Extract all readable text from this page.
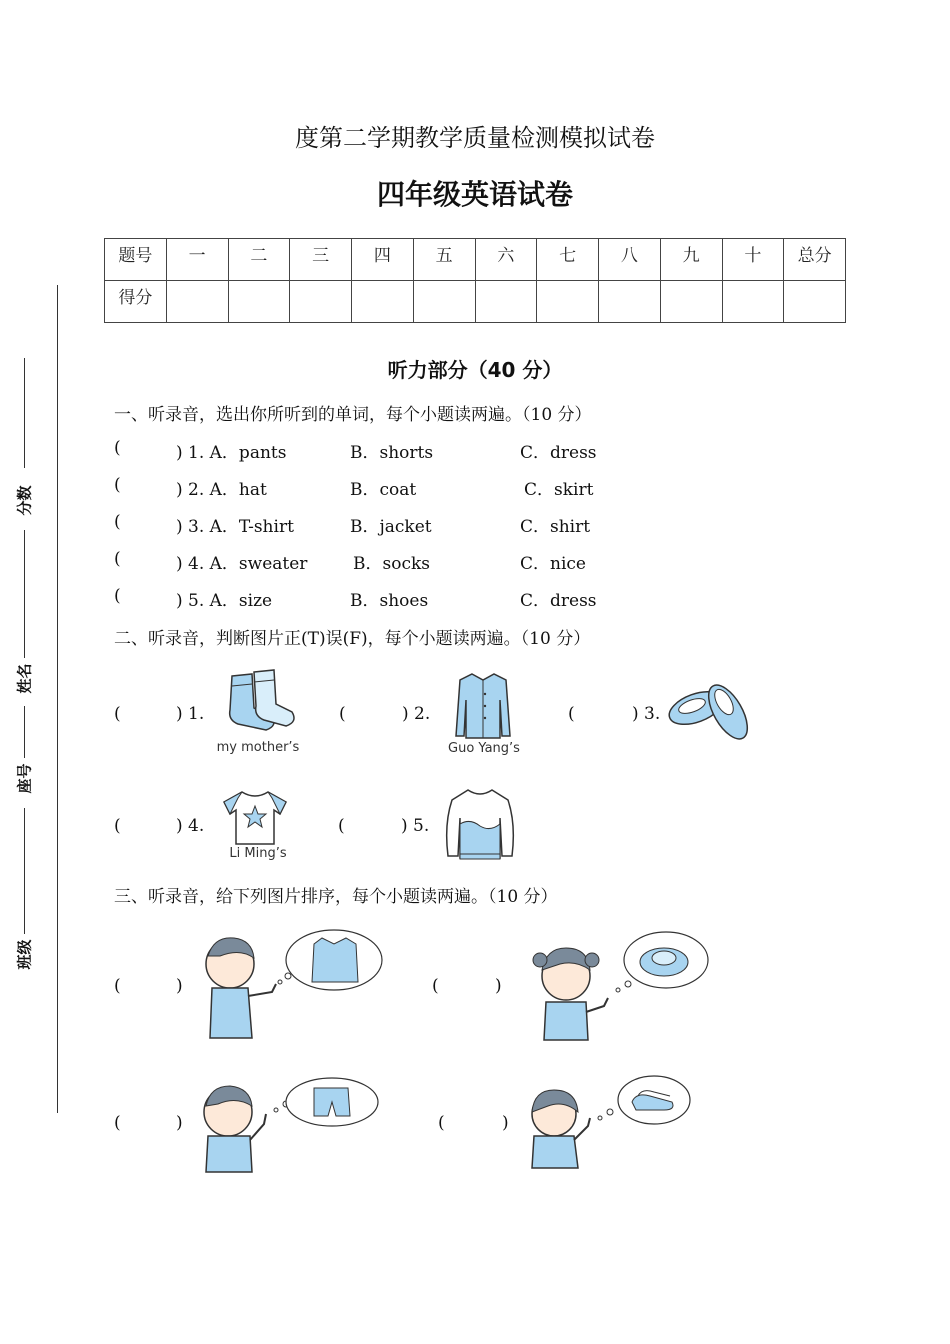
分数
姓名
座号
班级
度第二学期教学质量检测模拟试卷
四年级英语试卷
题号	一	二	三	四	五	六	七	八	九	十	总分
得分											
听力部分（40 分）
一、听录音，选出你所听到的单词，每个小题读两遍。（10 分）
(	) 1. A．pants	B．shorts	C．dress
(	) 2. A．hat	B．coat	C．skirt
(	) 3. A．T-shirt	B．jacket	C．shirt
(	) 4. A．sweater	B．socks	C．nice
(	) 5. A．size	B．shoes	C．dress
二、听录音，判断图片正(T)误(F)，每个小题读两遍。（10 分）
(	) 1.
my mother’s
(	) 2.
Guo Yang’s
(	) 3.
(	) 4.
Li Ming’s
(	) 5.
三、听录音，给下列图片排序，每个小题读两遍。（10 分）
(	)	(	)
(	)	(	)
